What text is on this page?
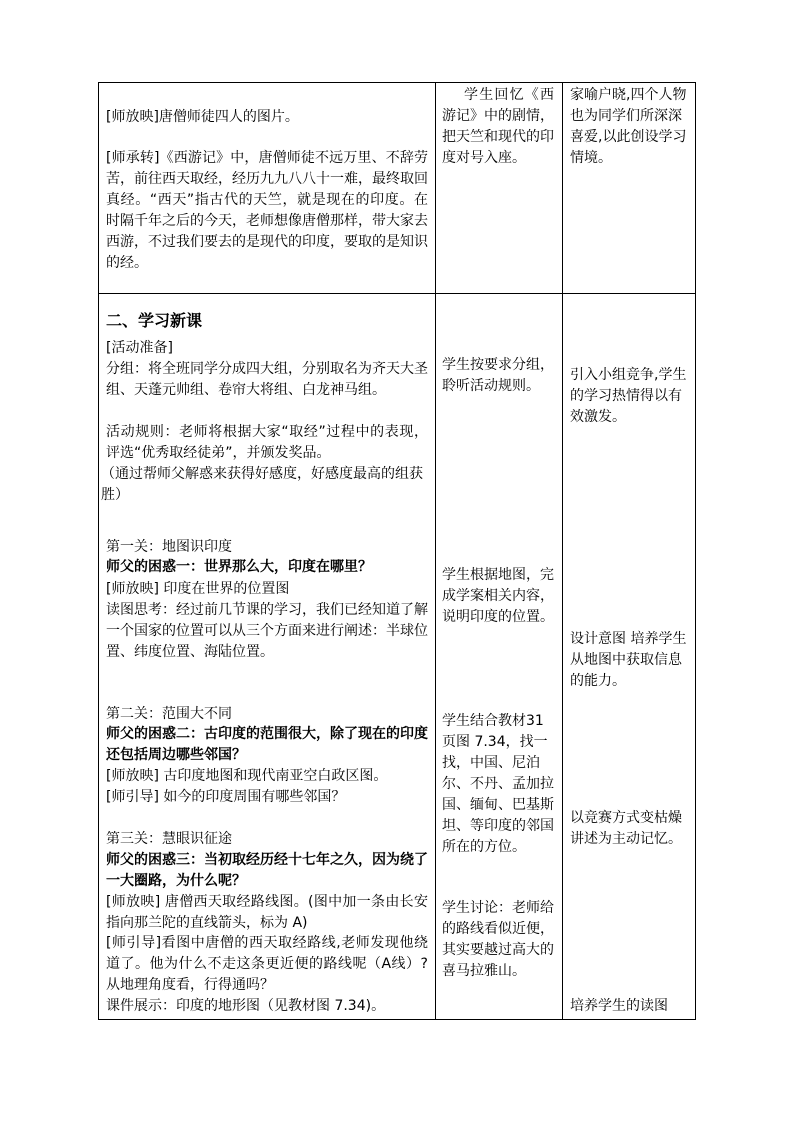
[师放映]唐僧师徒四人的图片。

[师承转]《西游记》中，唐僧师徒不远万里、不辞劳苦，前往西天取经，经历九九八八十一难，最终取回真经。“西天”指古代的天竺，就是现在的印度。在时隔千年之后的今天，老师想像唐僧那样，带大家去西游，不过我们要去的是现代的印度，要取的是知识的经。

学生回忆《西游记》中的剧情，把天竺和现代的印度对号入座。

家喻户晓,四个人物也为同学们所深深喜爱,以此创设学习情境。

二、学习新课

[活动准备]

分组：将全班同学分成四大组，分别取名为齐天大圣组、天蓬元帅组、卷帘大将组、白龙神马组。

活动规则：老师将根据大家“取经”过程中的表现，评选“优秀取经徒弟”，并颁发奖品。

（通过帮师父解惑来获得好感度，好感度最高的组获胜）

第一关：地图识印度

师父的困惑一：世界那么大，印度在哪里？

[师放映] 印度在世界的位置图

读图思考：经过前几节课的学习，我们已经知道了解一个国家的位置可以从三个方面来进行阐述：半球位置、纬度位置、海陆位置。

第二关：范围大不同

师父的困惑二：古印度的范围很大，除了现在的印度还包括周边哪些邻国？

[师放映] 古印度地图和现代南亚空白政区图。

[师引导] 如今的印度周围有哪些邻国？

第三关：慧眼识征途

师父的困惑三：当初取经历经十七年之久，因为绕了一大圈路，为什么呢？

[师放映] 唐僧西天取经路线图。(图中加一条由长安指向那兰陀的直线箭头，标为 A)

[师引导]看图中唐僧的西天取经路线,老师发现他绕道了。他为什么不走这条更近便的路线呢（A线）?从地理角度看，行得通吗？

课件展示：印度的地形图（见教材图 7.34)。

学生按要求分组，聆听活动规则。

学生根据地图，完成学案相关内容，说明印度的位置。

学生结合教材31 页图 7.34，找一找，中国、尼泊尔、不丹、孟加拉国、缅甸、巴基斯坦、等印度的邻国所在的方位。

学生讨论：老师给的路线看似近便，其实要越过高大的喜马拉雅山。

引入小组竞争,学生的学习热情得以有效激发。

设计意图 培养学生从地图中获取信息的能力。

以竞赛方式变枯燥讲述为主动记忆。

培养学生的读图
